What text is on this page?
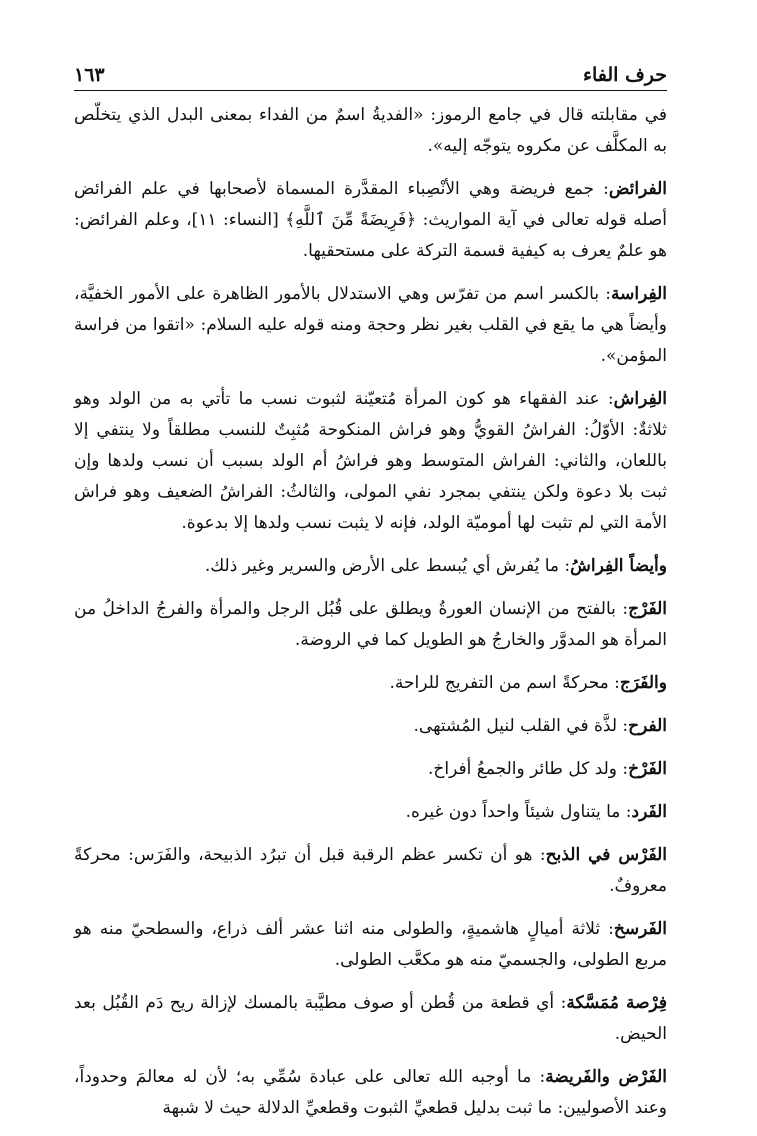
حرف الفاء
١٦٣

في مقابلته قال في جامع الرموز: «الفديةُ اسمٌ من الفداء بمعنى البدل الذي يتخلّص به المكلَّف عن مكروه يتوجّه إليه».

الفرائض: جمع فريضة وهي الأنْصِباء المقدَّرة المسماة لأصحابها في علم الفرائض أصله قوله تعالى في آية المواريث: ﴿فَرِيضَةً مِّنَ ٱللَّهِ﴾ [النساء: ١١]، وعلم الفرائض: هو علمٌ يعرف به كيفية قسمة التركة على مستحقيها.

الفِراسة: بالكسر اسم من تفرّس وهي الاستدلال بالأمور الظاهرة على الأمور الخفيَّة، وأيضاً هي ما يقع في القلب بغير نظر وحجة ومنه قوله عليه السلام: «اتقوا من فراسة المؤمن».

الفِراش: عند الفقهاء هو كون المرأة مُتعيّنة لثبوت نسب ما تأتي به من الولد وهو ثلاثةٌ: الأوّلُ: الفراشُ القويُّ وهو فراش المنكوحة مُثبِتٌ للنسب مطلقاً ولا ينتفي إلا باللعان، والثاني: الفراش المتوسط وهو فراشُ أم الولد بسبب أن نسب ولدها وإن ثبت بلا دعوة ولكن ينتفي بمجرد نفي المولى، والثالثُ: الفراشُ الضعيف وهو فراش الأمة التي لم تثبت لها أموميّة الولد، فإنه لا يثبت نسب ولدها إلا بدعوة.

وأيضاً الفِراشُ: ما يُفرش أي يُبسط على الأرض والسرير وغير ذلك.

الفَرْج: بالفتح من الإنسان العورةُ ويطلق على قُبُل الرجل والمرأة والفرجُ الداخلُ من المرأة هو المدوَّر والخارجُ هو الطويل كما في الروضة.

والفَرَج: محركةً اسم من التفريج للراحة.

الفرح: لذَّة في القلب لنيل المُشتهى.

الفَرْخ: ولد كل طائر والجمعُ أفراخ.

الفَرد: ما يتناول شيئاً واحداً دون غيره.

الفَرْس في الذبح: هو أن تكسر عظم الرقبة قبل أن تبرُد الذبيحة، والفَرَس: محركةً معروفٌ.

الفَرسخ: ثلاثة أميالٍ هاشميةٍ، والطولى منه اثنا عشر ألف ذراع، والسطحيّ منه هو مربع الطولى، والجسميّ منه هو مكعَّب الطولى.

فِرْصة مُمَسَّكة: أي قطعة من قُطن أو صوف مطيَّبة بالمسك لإزالة ريح دَم القُبُل بعد الحيض.

الفَرْض والفَريضة: ما أوجبه الله تعالى على عبادة سُمِّي به؛ لأن له معالمَ وحدوداً، وعند الأصوليين: ما ثبت بدليل قطعيِّ الثبوت وقطعيِّ الدلالة حيث لا شبهة
